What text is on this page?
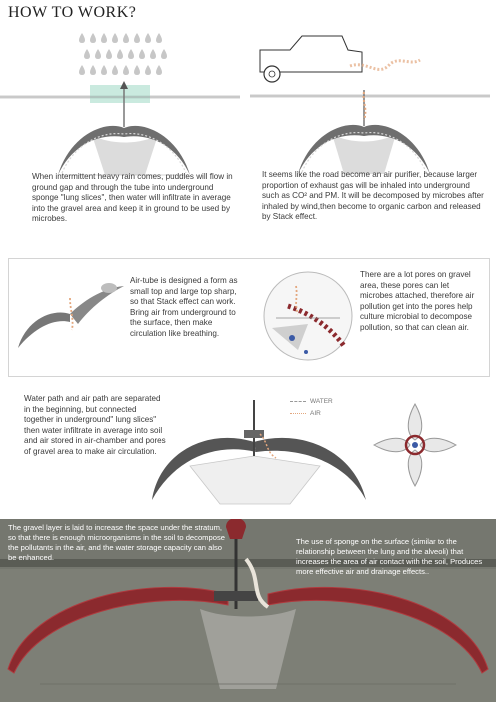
HOW TO WORK?
When intermittent heavy rain comes, puddles will flow in ground gap and through the tube into underground sponge "lung slices", then water will infiltrate in average into the gravel area and keep it in ground to be used by microbes.
It seems like the road become an air purifier, because larger proportion of exhaust gas will be inhaled into underground such as CO² and PM. It will be decomposed by microbes after inhaled by wind,then become to organic carbon and released by Stack effect.
Air-tube is designed a form as small top and large top sharp, so that Stack effect can work. Bring air from underground to the surface, then make circulation like breathing.
There are a lot pores on gravel area, these pores can let microbes attached, therefore air pollution get into the pores help culture microbial to decompose pollution, so that can clean air.
Water path and air path are separated in the beginning, but connected together in underground" lung slices" then water infiltrate in average into soil and air stored in air-chamber and pores of gravel area to make air circulation.
WATER
AIR
The gravel layer is laid to increase the space under the stratum, so that there is enough microorganisms in the soil to decompose the pollutants in the air, and the water storage capacity can also be enhanced.
The use of sponge on the surface (similar to the relationship between the lung and the alveoli) that increases the area of air contact with the soil, Produces more effective air and drainage effects..
